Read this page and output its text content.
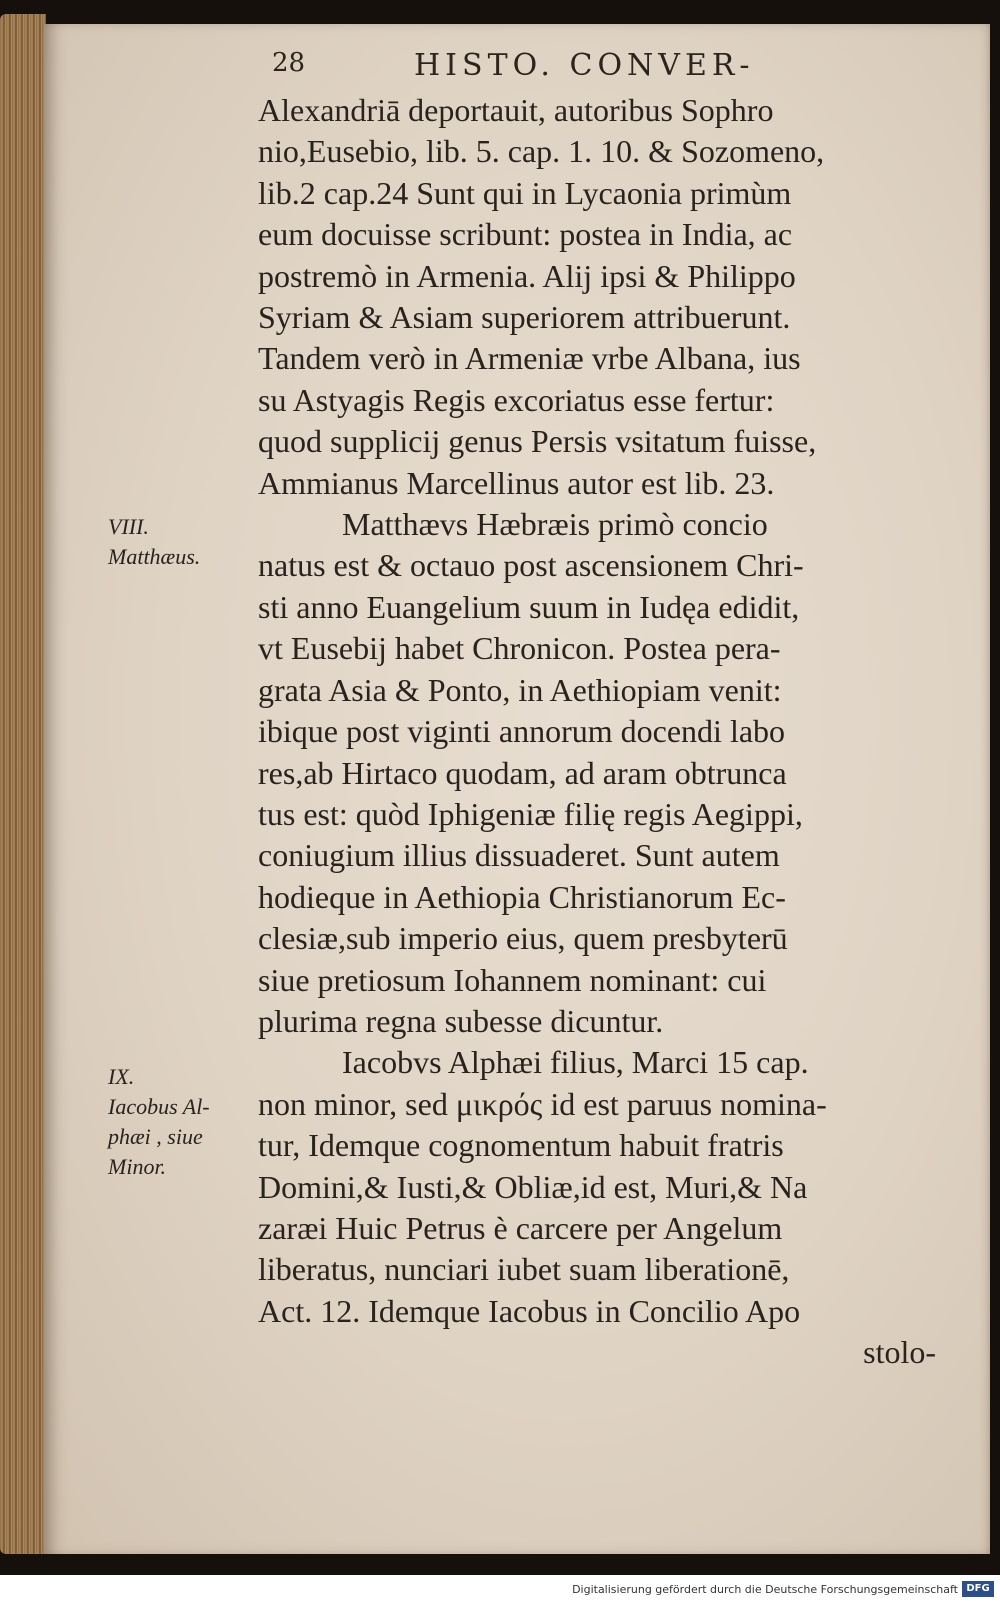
28	HISTO. CONVER-
VIII.
Matthæus.
IX.
Iacobus Al-
phæi , siue
Minor.
Alexandriā deportauit, autoribus Sophro
nio,Eusebio, lib. 5. cap. 1. 10. & Sozomeno,
lib.2 cap.24 Sunt qui in Lycaonia primùm
eum docuisse scribunt: postea in India, ac
postremò in Armenia. Alij ipsi & Philippo
Syriam & Asiam superiorem attribuerunt.
Tandem verò in Armeniæ vrbe Albana, ius
su Astyagis Regis excoriatus esse fertur:
quod supplicij genus Persis vsitatum fuisse,
Ammianus Marcellinus autor est lib. 23.
Matthævs Hæbræis primò concio
natus est & octauo post ascensionem Chri-
sti anno Euangelium suum in Iudęa edidit,
vt Eusebij habet Chronicon. Postea pera-
grata Asia & Ponto, in Aethiopiam venit:
ibique post viginti annorum docendi labo
res,ab Hirtaco quodam, ad aram obtrunca
tus est: quòd Iphigeniæ filię regis Aegippi,
coniugium illius dissuaderet. Sunt autem
hodieque in Aethiopia Christianorum Ec-
clesiæ,sub imperio eius, quem presbyterū
siue pretiosum Iohannem nominant: cui
plurima regna subesse dicuntur.
Iacobvs Alphæi filius, Marci 15 cap.
non minor, sed μικρός id est paruus nomina-
tur, Idemque cognomentum habuit fratris
Domini,& Iusti,& Obliæ,id est, Muri,& Na
zaræi Huic Petrus è carcere per Angelum
liberatus, nunciari iubet suam liberationē,
Act. 12. Idemque Iacobus in Concilio Apo
stolo-
Digitalisierung gefördert durch die Deutsche Forschungsgemeinschaft DFG
